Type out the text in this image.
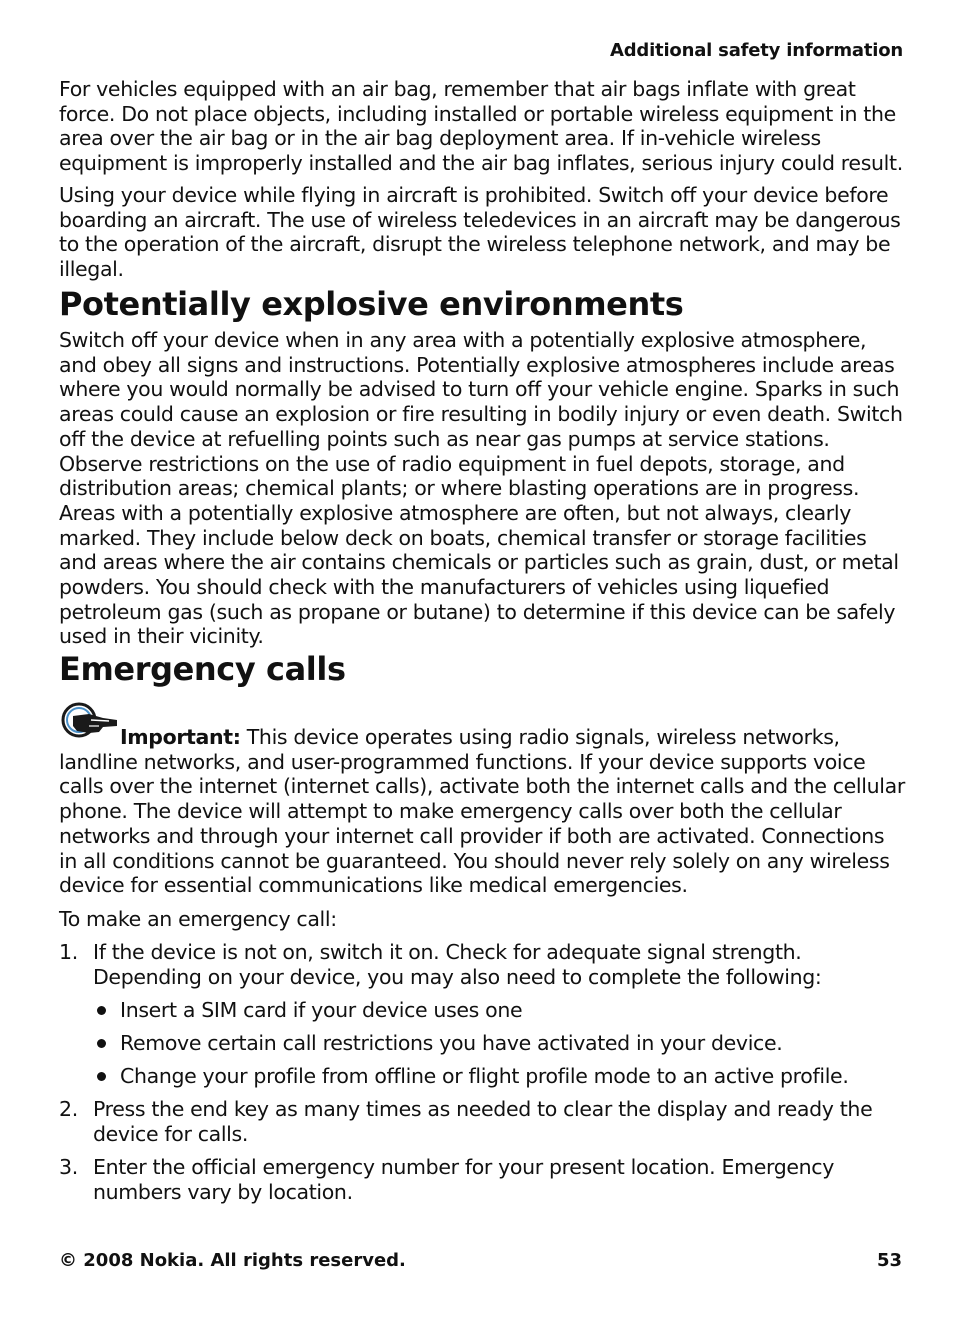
Additional safety information

For vehicles equipped with an air bag, remember that air bags inflate with great force. Do not place objects, including installed or portable wireless equipment in the area over the air bag or in the air bag deployment area. If in-vehicle wireless equipment is improperly installed and the air bag inflates, serious injury could result.

Using your device while flying in aircraft is prohibited. Switch off your device before boarding an aircraft. The use of wireless teledevices in an aircraft may be dangerous to the operation of the aircraft, disrupt the wireless telephone network, and may be illegal.

Potentially explosive environments

Switch off your device when in any area with a potentially explosive atmosphere, and obey all signs and instructions. Potentially explosive atmospheres include areas where you would normally be advised to turn off your vehicle engine. Sparks in such areas could cause an explosion or fire resulting in bodily injury or even death. Switch off the device at refuelling points such as near gas pumps at service stations. Observe restrictions on the use of radio equipment in fuel depots, storage, and distribution areas; chemical plants; or where blasting operations are in progress. Areas with a potentially explosive atmosphere are often, but not always, clearly marked. They include below deck on boats, chemical transfer or storage facilities and areas where the air contains chemicals or particles such as grain, dust, or metal powders. You should check with the manufacturers of vehicles using liquefied petroleum gas (such as propane or butane) to determine if this device can be safely used in their vicinity.

Emergency calls

Important: This device operates using radio signals, wireless networks, landline networks, and user-programmed functions. If your device supports voice calls over the internet (internet calls), activate both the internet calls and the cellular phone. The device will attempt to make emergency calls over both the cellular networks and through your internet call provider if both are activated. Connections in all conditions cannot be guaranteed. You should never rely solely on any wireless device for essential communications like medical emergencies.

To make an emergency call:

1. If the device is not on, switch it on. Check for adequate signal strength. Depending on your device, you may also need to complete the following:
Insert a SIM card if your device uses one
Remove certain call restrictions you have activated in your device.
Change your profile from offline or flight profile mode to an active profile.
2. Press the end key as many times as needed to clear the display and ready the device for calls.
3. Enter the official emergency number for your present location. Emergency numbers vary by location.
© 2008 Nokia. All rights reserved.	53
